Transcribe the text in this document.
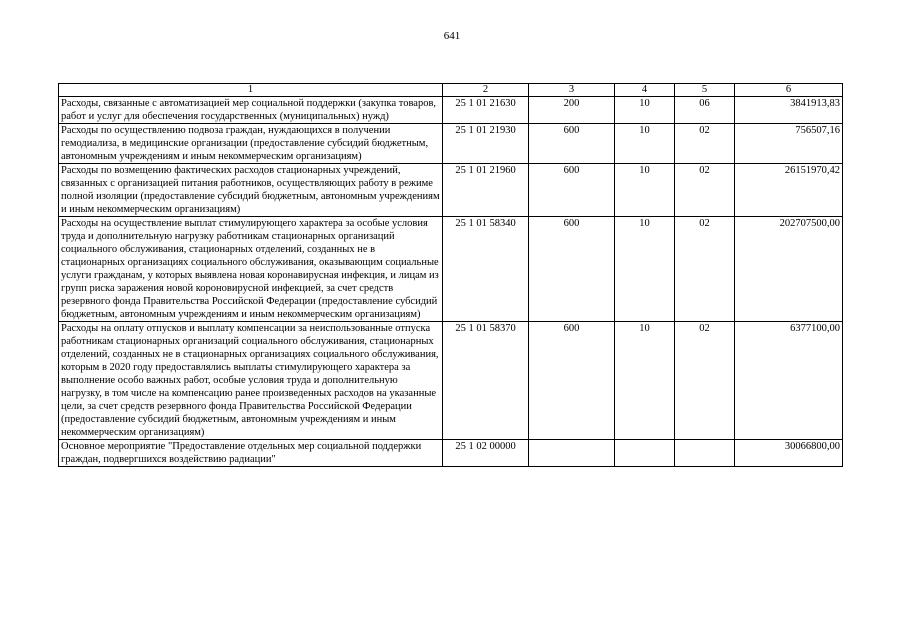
641
1	2	3	4	5	6
Расходы, связанные с автоматизацией мер социальной поддержки (закупка товаров, работ и услуг для обеспечения государственных (муниципальных) нужд)	25 1 01 21630	200	10	06	3841913,83
Расходы по осуществлению подвоза граждан, нуждающихся в получении гемодиализа, в медицинские организации (предоставление субсидий бюджетным, автономным учреждениям и иным некоммерческим организациям)	25 1 01 21930	600	10	02	756507,16
Расходы по возмещению фактических расходов стационарных учреждений, связанных с организацией питания работников, осуществляющих работу в режиме полной изоляции (предоставление субсидий бюджетным, автономным учреждениям и иным некоммерческим организациям)	25 1 01 21960	600	10	02	26151970,42
Расходы на осуществление выплат стимулирующего характера за особые условия труда и дополнительную нагрузку работникам стационарных организаций социального обслуживания, стационарных отделений, созданных не в стационарных организациях социального обслуживания, оказывающим социальные услуги гражданам, у которых выявлена новая коронавирусная инфекция, и лицам из групп риска заражения новой короновирусной инфекцией, за счет средств резервного фонда Правительства Российской Федерации (предоставление субсидий бюджетным, автономным учреждениям и иным некоммерческим организациям)	25 1 01 58340	600	10	02	202707500,00
Расходы на оплату отпусков и выплату компенсации за неиспользованные отпуска работникам стационарных организаций социального обслуживания, стационарных отделений, созданных не в стационарных организациях социального обслуживания, которым в 2020 году предоставлялись выплаты стимулирующего характера за выполнение особо важных работ, особые условия труда и дополнительную нагрузку, в том числе на компенсацию ранее произведенных расходов на указанные цели, за счет средств резервного фонда Правительства Российской Федерации (предоставление субсидий бюджетным, автономным учреждениям и иным некоммерческим организациям)	25 1 01 58370	600	10	02	6377100,00
Основное мероприятие "Предоставление отдельных мер социальной поддержки граждан, подвергшихся воздействию радиации"	25 1 02 00000				30066800,00
